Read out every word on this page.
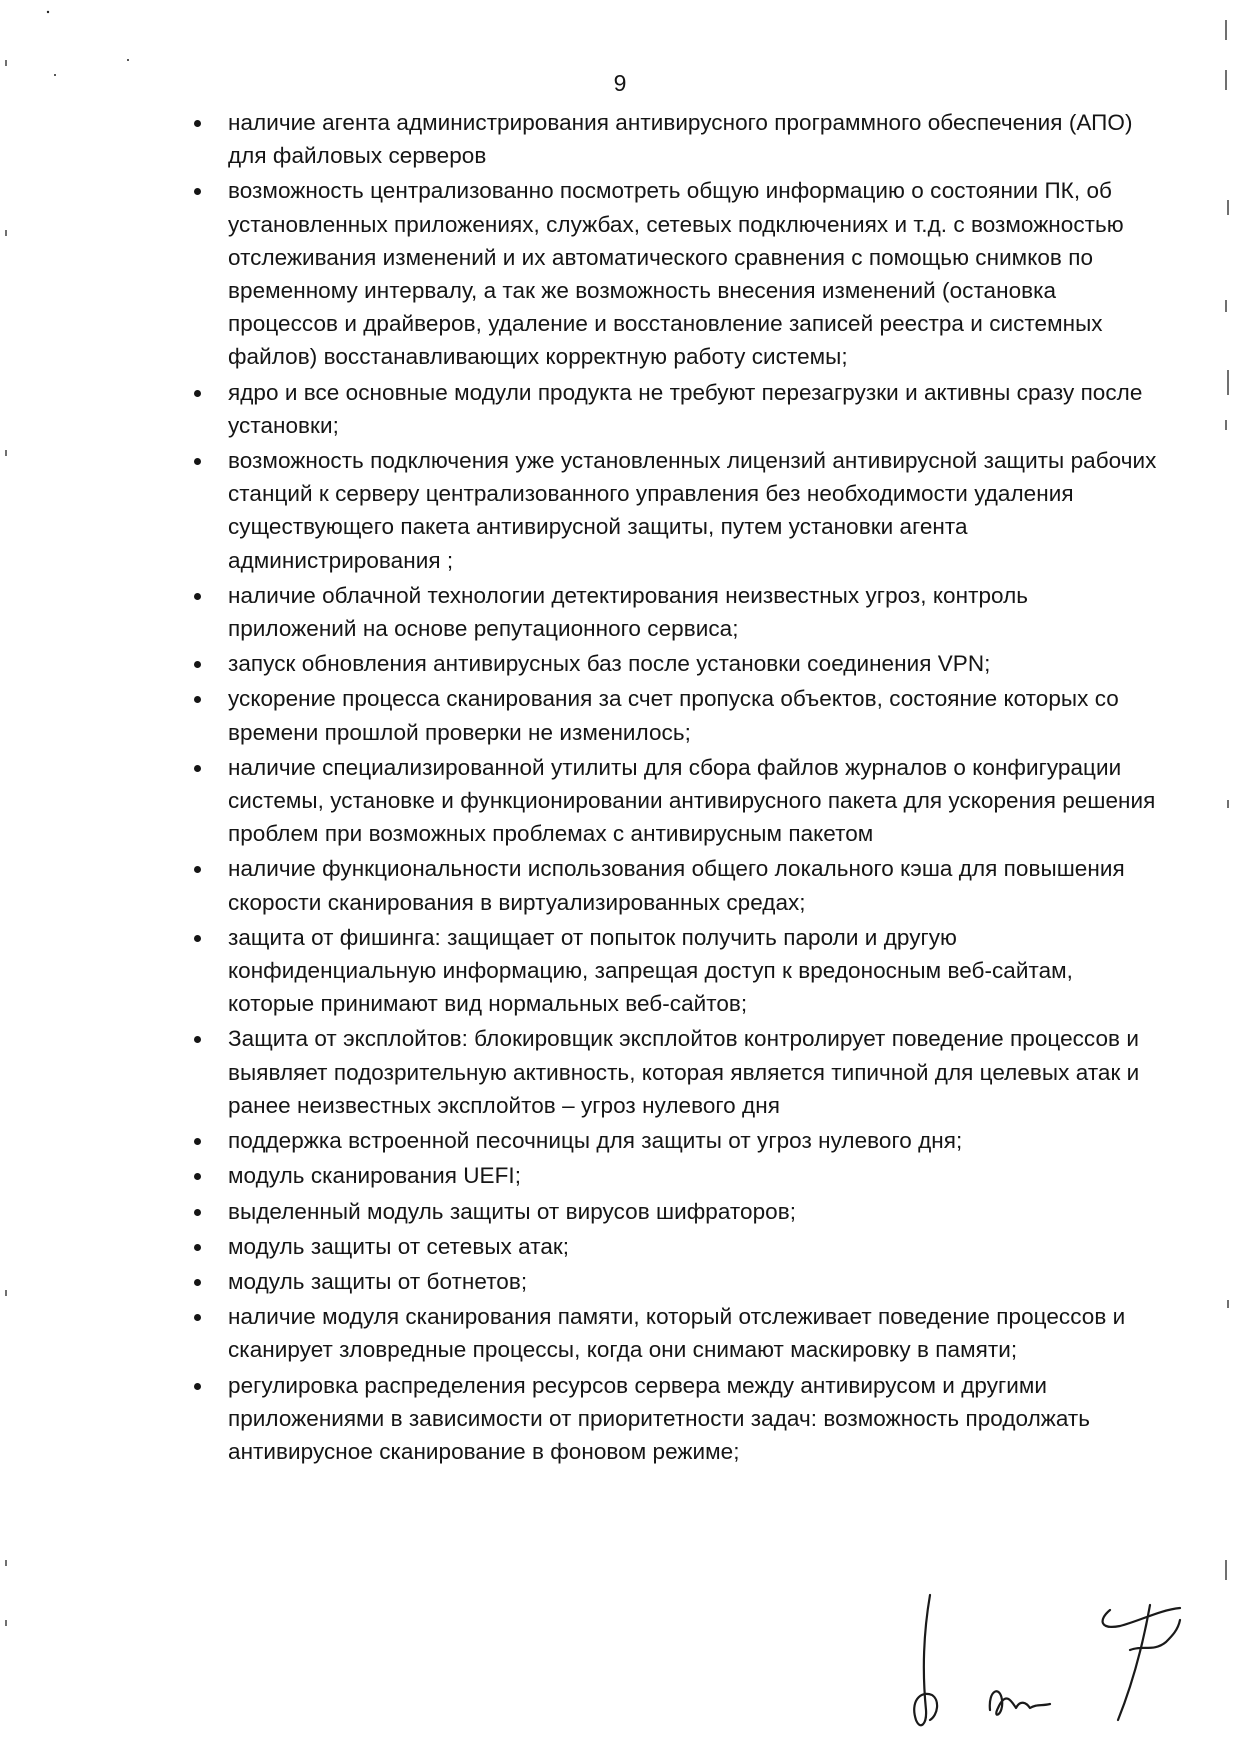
9
наличие агента администрирования антивирусного программного обеспечения (АПО) для файловых серверов
возможность централизованно посмотреть общую информацию о состоянии ПК, об установленных приложениях, службах, сетевых подключениях и т.д. с возможностью отслеживания изменений и их автоматического сравнения с помощью снимков по временному интервалу, а так же возможность внесения изменений (остановка процессов и драйверов, удаление и восстановление записей реестра и системных файлов) восстанавливающих корректную работу системы;
ядро и все основные модули продукта не требуют перезагрузки и активны сразу после установки;
возможность подключения уже установленных лицензий антивирусной защиты рабочих станций к серверу централизованного управления без необходимости удаления существующего пакета антивирусной защиты, путем установки агента администрирования ;
наличие облачной технологии детектирования неизвестных угроз, контроль приложений на основе репутационного сервиса;
запуск обновления антивирусных баз после установки соединения VPN;
ускорение процесса сканирования за счет пропуска объектов, состояние которых со времени прошлой проверки не изменилось;
наличие специализированной утилиты для сбора файлов журналов о конфигурации системы, установке и функционировании антивирусного пакета для ускорения решения проблем при возможных проблемах с антивирусным пакетом
наличие функциональности использования общего локального кэша для повышения скорости сканирования в виртуализированных средах;
защита от фишинга: защищает от попыток получить пароли и другую конфиденциальную информацию, запрещая доступ к вредоносным веб-сайтам, которые принимают вид нормальных веб-сайтов;
Защита от эксплойтов: блокировщик эксплойтов контролирует поведение процессов и выявляет подозрительную активность, которая является типичной для целевых атак и ранее неизвестных эксплойтов – угроз нулевого дня
поддержка встроенной песочницы для защиты от угроз нулевого дня;
модуль сканирования UEFI;
выделенный модуль защиты от вирусов шифраторов;
модуль защиты от сетевых атак;
модуль защиты от ботнетов;
наличие модуля сканирования памяти, который отслеживает поведение процессов и сканирует зловредные процессы, когда они снимают маскировку в памяти;
регулировка распределения ресурсов сервера между антивирусом и другими приложениями в зависимости от приоритетности задач: возможность продолжать антивирусное сканирование в фоновом режиме;
